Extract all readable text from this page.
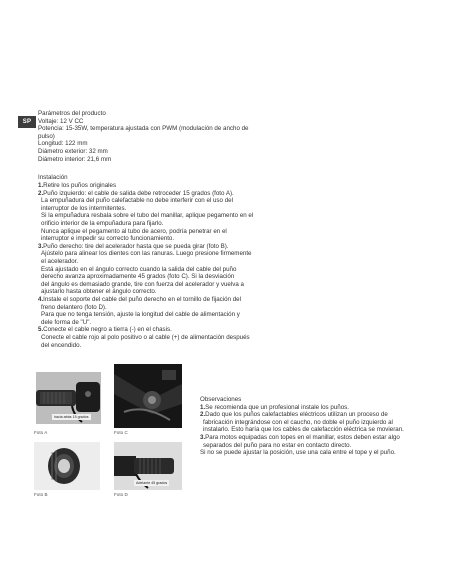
SP
Parámetros del producto
Voltaje: 12 V CC
Potencia: 15-35W, temperatura ajustada con PWM (modulación de ancho de
pulso)
Longitud: 122 mm
Diámetro exterior: 32 mm
Diámetro interior: 21,6 mm
Instalación
1.Retire los puños originales
2.Puño izquierdo: el cable de salida debe retroceder 15 grados (foto A).
La empuñadura del puño calefactable no debe interferir con el uso del
interruptor de los intermitentes.
Si la empuñadura resbala sobre el tubo del manillar, aplique pegamento en el
orificio interior de la empuñadura para fijarlo.
Nunca aplique el pegamento al tubo de acero, podría penetrar en el
interruptor e impedir su correcto funcionamiento.
3.Puño derecho: tire del acelerador hasta que se pueda girar (foto B).
Ajústelo para alinear los dientes con las ranuras. Luego presione firmemente
el acelerador.
Está ajustado en el ángulo correcto cuando la salida del cable del puño
derecho avanza aproximadamente 45 grados (foto C). Si la desviación
del ángulo es demasiado grande, tire con fuerza del acelerador y vuelva a
ajustarlo hasta obtener el ángulo correcto.
4.Instale el soporte del cable del puño derecho en el tornillo de fijación del
freno delantero (foto D).
Para que no tenga tensión, ajuste la longitud del cable de alimentación y
dele forma de "U".
5.Conecte el cable negro a tierra (-) en el chasis.
Conecte el cable rojo al polo positivo o al cable (+) de alimentación después
del encendido.
hacia atrás 15 grados
Foto A
Foto B
Foto C
Adelante 45 grados
Foto D
Observaciones
1.Se recomienda que un profesional instale los puños.
2.Dado que los puños calefactables eléctricos utilizan un proceso de
fabricación integrándose con el caucho, no doble el puño izquierdo al
instalarlo. Esto haría que los cables de calefacción eléctrica se movieran.
3.Para motos equipadas con topes en el manillar, estos deben estar algo
separados del puño para no estar en contacto directo.
Si no se puede ajustar la posición, use una cala entre el tope y el puño.
